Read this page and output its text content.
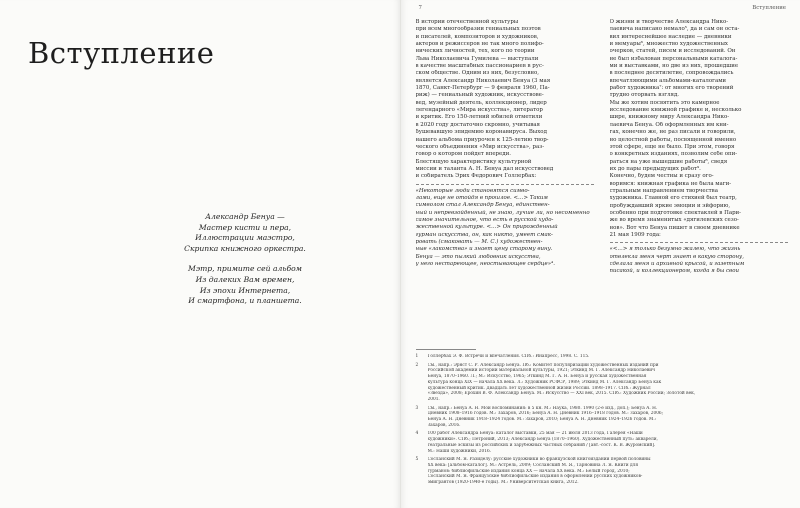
Вступление
Александр Бенуа —
Мастер кисти и пера,
Иллюстрации маэстро,
Скрипка книжного оркестра.
Мэтр, примите сей альбом
Из далеких Вам времен,
Из эпохи Интернета,
И смартфона, и планшета.
7	Вступление
В истории отечественной культуры
при всем многообразии гениальных поэтов
и писателей, композиторов и художников,
актеров и режиссеров не так много полифо-
нических личностей, тех, кого по теории
Льва Николаевича Гумилева — выступали
в качестве масштабных пассионариев в рус-
ском обществе. Одним из них, безусловно,
является Александр Николаевич Бенуа (3 мая
1870, Санкт-Петербург — 9 февраля 1960, Па-
риж) — гениальный художник, искусствове-
вед, музейный деятель, коллекционер, лидер
легендарного «Мира искусства», литератор
и критик. Его 150-летний юбилей отметили
в 2020 году достаточно скромно, учитывая
бушевавшую эпидемию коронавируса. Выход
нашего альбома приурочен к 125-летию твор-
ческого объединения «Мир искусства», раз-
говор о котором пойдет впереди.
Блестящую характеристику культурной
миссии и таланта А. Н. Бенуа дал искусствовед
и собиратель Эрих Федорович Голлербах:
«Некоторые люди становятся симво-
лами, еще не отойдя в прошлое. <…> Таким
символом стал Александр Бенуа, единствен-
ный и непревзойденный, не знаю, лучше ли, но несомненно
самое значительное, что есть в русской худо-
жественной культуре. <…> Он прирожденный
гурман искусства, он, как никто, умеет смак-
ровать (смаковать — М. С.) художествен-
ные «лакомства» и знает цену старому вину.
Бенуа — это пылкий любовник искусства,
у него нестареющее, неостывающее сердце»⁴.
О жизни и творчестве Александра Нико-
лаевича написано немало⁵, да и сам он оста-
вил интереснейшее наследие — дневники
и мемуары⁶, множество художественных
очерков, статей, писем и исследований. Он
не был избалован персональными каталога-
ми и выставками, но две из них, прошедшие
в последнее десятилетие, сопровождались
впечатляющими альбомами-каталогами
работ художника⁷: от многих его творений
трудно оторвать взгляд.
Мы же хотим посвятить это камерное
исследование книжной графике и, несколько
шире, книжному миру Александра Нико-
лаевича Бенуа. Об оформленных им кни-
гах, конечно же, не раз писали и говорили,
но целостной работы, посвященной именно
этой сфере, еще не было. При этом, говоря
о конкретных изданиях, позволим себе опи-
раться на уже вышедшие работы⁸, сведя
их до пары предыдущих работ⁹.
Конечно, будем честны и сразу ого-
воримся: книжная графика не была маги-
стральным направлением творчества
художника. Главной его стихией был театр,
пробуждавший яркие эмоции и эйфорию,
особенно при подготовке спектаклей в Пари-
же во время знаменитых «дягилевских сезо-
нов». Вот что Бенуа пишет в своем дневнике
21 мая 1909 года:
«<…> я только безумно жалею, что жизнь
отвлекла меня черт знает в какую сторону,
сделала меня и архивной крысой, и газетным
писакой, и коллекционером, когда я бы свои
1	Голлербах Э. Ф. Встречи и впечатления. СПб.: Инапресс, 1998. С. 115.
2	См., напр.: Эрнст С. Р. Александр Бенуа. Пб.: Комитет популяризации художественных изданий при
Российской академии истории материальной культуры, 1921; Эткинд М. Г. Александр Николаевич
Бенуа, 1870–1960. Л.; М.: Искусство, 1965; Эткинд М. Г. А. Н. Бенуа и русская художественная
культура конца XIX — начала XX века. Л.: Художник РСФСР, 1989; Эткинд М. Г. Александр Бенуа как
художественный критик. Двадцать лет художественной жизни России. 1898–1917. СПб.: Журнал
«Звезда», 2008; Ерохин В. Ф. Александр Бенуа. М.: Искусство — XXI век, 2015. СПб.: Художник России; Золотой век,
2001.
3	См., напр.: Бенуа А. Н. Мои воспоминания: в 5 кн. М.: Наука, 1980. 1990 (2-е изд., доп.); Бенуа А. Н.
Дневник 1908–1916 годов. М.: Захаров, 2016; Бенуа А. Н. Дневник 1916–1918 годов. М.: Захаров, 2006;
Бенуа А. Н. Дневник 1918–1924 годов. М.: Захаров, 2010; Бенуа А. Н. Дневник 1924–1926 годов. М.:
Захаров, 2016.
4	100 работ Александра Бенуа: каталог выставки, 25 мая — 21 июля 2013 года, Галерея «Наши
художники». СПб.; Петроний, 2013; Александр Бенуа (1870–1960). Художественный путь: акварели,
театральные эскизы из российских и зарубежных частных собраний / [авт.-сост. К. В. Журомский].
М.: Наши художники, 2016.
5	Сосланский М. Я. Разиделу: русские художники во французской книгоиздании первой половины
XX века: [альбом-каталог]. М.: Астрель, 2009; Сосланский М. Я., Тарновина Л. Я. Книги для
гурманов: библиофильские издания конца XX — начала XX века. М.: Белый город, 2010;
Сосланский М. Я. Французские библиофильские издания в оформлении русских художников-
эмигрантов (1920-1940-е годы). М.: Университетская книга, 2012.
